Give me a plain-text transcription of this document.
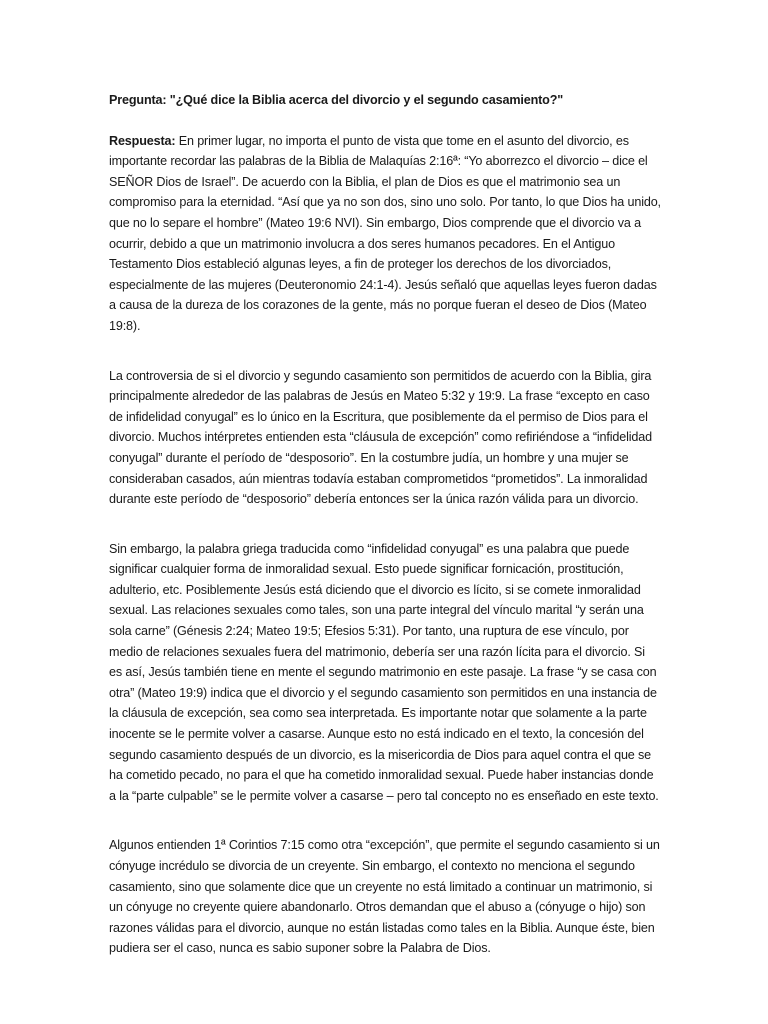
Pregunta: "¿Qué dice la Biblia acerca del divorcio y el segundo casamiento?"

Respuesta: En primer lugar, no importa el punto de vista que tome en el asunto del divorcio, es importante recordar las palabras de la Biblia de Malaquías 2:16ª: “Yo aborrezco el divorcio – dice el SEÑOR Dios de Israel”. De acuerdo con la Biblia, el plan de Dios es que el matrimonio sea un compromiso para la eternidad. “Así que ya no son dos, sino uno solo. Por tanto, lo que Dios ha unido, que no lo separe el hombre” (Mateo 19:6 NVI). Sin embargo, Dios comprende que el divorcio va a ocurrir, debido a que un matrimonio involucra a dos seres humanos pecadores. En el Antiguo Testamento Dios estableció algunas leyes, a fin de proteger los derechos de los divorciados, especialmente de las mujeres (Deuteronomio 24:1-4). Jesús señaló que aquellas leyes fueron dadas a causa de la dureza de los corazones de la gente, más no porque fueran el deseo de Dios (Mateo 19:8).

La controversia de si el divorcio y segundo casamiento son permitidos de acuerdo con la Biblia, gira principalmente alrededor de las palabras de Jesús en Mateo 5:32 y 19:9. La frase “excepto en caso de infidelidad conyugal” es lo único en la Escritura, que posiblemente da el permiso de Dios para el divorcio. Muchos intérpretes entienden esta “cláusula de excepción” como refiriéndose a “infidelidad conyugal” durante el período de “desposorio”. En la costumbre judía, un hombre y una mujer se consideraban casados, aún mientras todavía estaban comprometidos “prometidos”. La inmoralidad durante este período de “desposorio” debería entonces ser la única razón válida para un divorcio.

Sin embargo, la palabra griega traducida como “infidelidad conyugal” es una palabra que puede significar cualquier forma de inmoralidad sexual. Esto puede significar fornicación, prostitución, adulterio, etc. Posiblemente Jesús está diciendo que el divorcio es lícito, si se comete inmoralidad sexual. Las relaciones sexuales como tales, son una parte integral del vínculo marital “y serán una sola carne” (Génesis 2:24; Mateo 19:5; Efesios 5:31). Por tanto, una ruptura de ese vínculo, por medio de relaciones sexuales fuera del matrimonio, debería ser una razón lícita para el divorcio. Si es así, Jesús también tiene en mente el segundo matrimonio en este pasaje. La frase “y se casa con otra” (Mateo 19:9) indica que el divorcio y el segundo casamiento son permitidos en una instancia de la cláusula de excepción, sea como sea interpretada. Es importante notar que solamente a la parte inocente se le permite volver a casarse. Aunque esto no está indicado en el texto, la concesión del segundo casamiento después de un divorcio, es la misericordia de Dios para aquel contra el que se ha cometido pecado, no para el que ha cometido inmoralidad sexual. Puede haber instancias donde a la “parte culpable” se le permite volver a casarse – pero tal concepto no es enseñado en este texto.

Algunos entienden 1ª Corintios 7:15 como otra “excepción”, que permite el segundo casamiento si un cónyuge incrédulo se divorcia de un creyente. Sin embargo, el contexto no menciona el segundo casamiento, sino que solamente dice que un creyente no está limitado a continuar un matrimonio, si un cónyuge no creyente quiere abandonarlo. Otros demandan que el abuso a (cónyuge o hijo) son razones válidas para el divorcio, aunque no están listadas como tales en la Biblia. Aunque éste, bien pudiera ser el caso, nunca es sabio suponer sobre la Palabra de Dios.
